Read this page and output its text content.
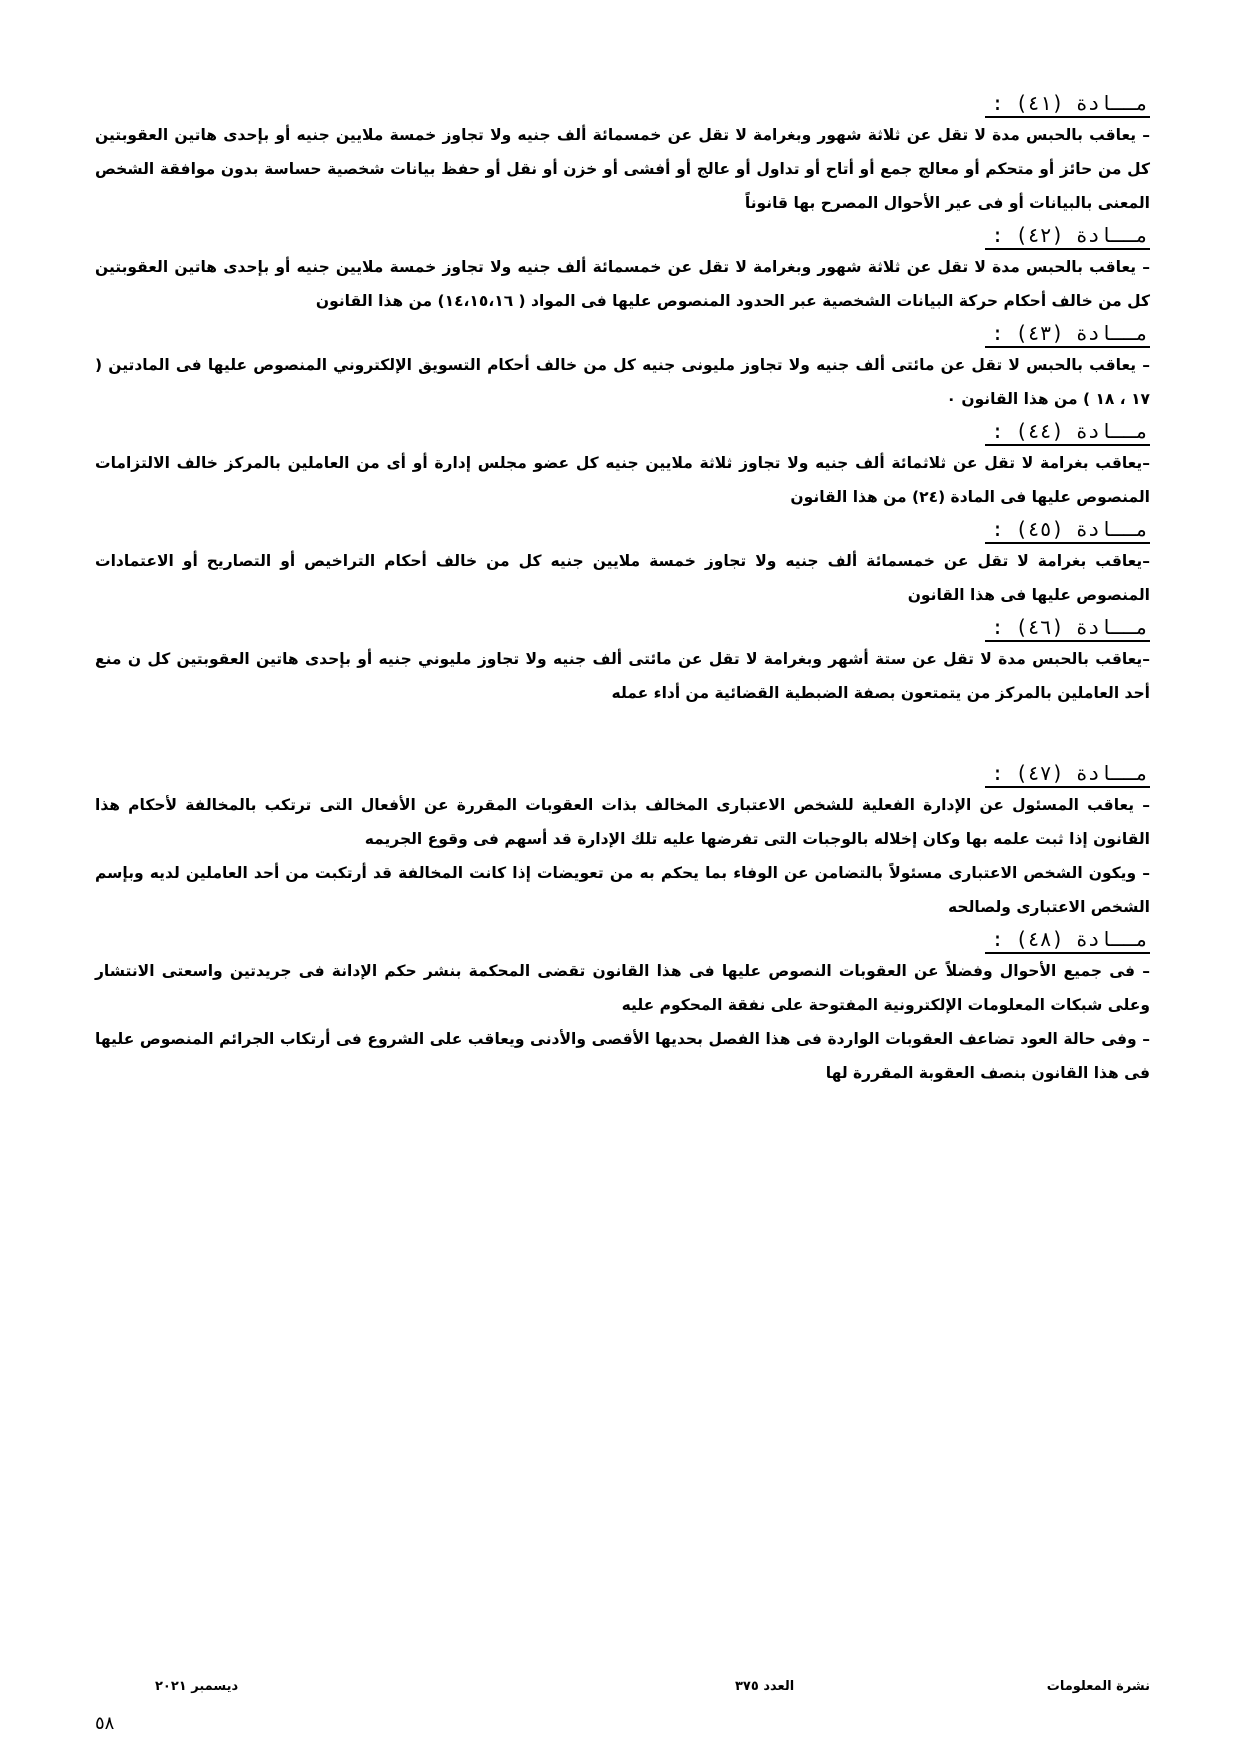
مــادة (٤١) :

– يعاقب بالحبس مدة لا تقل عن ثلاثة شهور وبغرامة لا تقل عن خمسمائة ألف جنيه ولا تجاوز خمسة ملايين جنيه أو بإحدى هاتين العقوبتين كل من حائز أو متحكم أو معالج جمع أو أتاح أو تداول أو عالج أو أفشى أو خزن أو نقل أو حفظ بيانات شخصية حساسة بدون موافقة الشخص المعنى بالبيانات أو فى عير الأحوال المصرح بها قانوناً

مــادة (٤٢) :

– يعاقب بالحبس مدة لا تقل عن ثلاثة شهور وبغرامة لا تقل عن خمسمائة ألف جنيه ولا تجاوز خمسة ملايين جنيه أو بإحدى هاتين العقوبتين كل من خالف أحكام حركة البيانات الشخصية عبر الحدود المنصوص عليها فى المواد ( ١٤،١٥،١٦) من هذا القانون

مــادة (٤٣) :

– يعاقب بالحبس لا تقل عن مائتى ألف جنيه ولا تجاوز مليونى جنيه كل من خالف أحكام التسويق الإلكتروني المنصوص عليها فى المادتين ( ١٧ ، ١٨ ) من هذا القانون ٠

مــادة (٤٤) :

–يعاقب بغرامة لا تقل عن ثلاثمائة ألف جنيه ولا تجاوز ثلاثة ملايين جنيه كل عضو مجلس إدارة أو أى من العاملين بالمركز خالف الالتزامات المنصوص عليها فى المادة (٢٤) من هذا القانون

مــادة (٤٥) :

–يعاقب بغرامة لا تقل عن خمسمائة ألف جنيه ولا تجاوز خمسة ملايين جنيه كل من خالف أحكام التراخيص أو التصاريح أو الاعتمادات المنصوص عليها فى هذا القانون

مــادة (٤٦) :

–يعاقب بالحبس مدة لا تقل عن ستة أشهر وبغرامة لا تقل عن مائتى ألف جنيه ولا تجاوز مليوني جنيه أو بإحدى هاتين العقوبتين كل ن منع أحد العاملين بالمركز من يتمتعون بصفة الضبطية القضائية من أداء عمله

مــادة (٤٧) :

– يعاقب المسئول عن الإدارة الفعلية للشخص الاعتبارى المخالف بذات العقوبات المقررة عن الأفعال التى ترتكب بالمخالفة لأحكام هذا القانون إذا ثبت علمه بها وكان إخلاله بالوجبات التى تفرضها عليه تلك الإدارة قد أسهم فى وقوع الجريمه

– ويكون الشخص الاعتبارى مسئولاً بالتضامن عن الوفاء بما يحكم به من تعويضات إذا كانت المخالفة قد أرتكبت من أحد العاملين لديه وبإسم الشخص الاعتبارى ولصالحه

مــادة (٤٨) :

– فى جميع الأحوال وفضلاً عن العقوبات النصوص عليها فى هذا القانون تقضى المحكمة بنشر حكم الإدانة فى جريدتين واسعتى الانتشار وعلى شبكات المعلومات الإلكترونية المفتوحة على نفقة المحكوم عليه

– وفى حالة العود تضاعف العقوبات الواردة فى هذا الفصل بحديها الأقصى والأدنى ويعاقب على الشروع فى أرتكاب الجرائم المنصوص عليها فى هذا القانون بنصف العقوبة المقررة لها

نشرة المعلومات
العدد ٣٧٥
ديسمبر ٢٠٢١
٥٨
